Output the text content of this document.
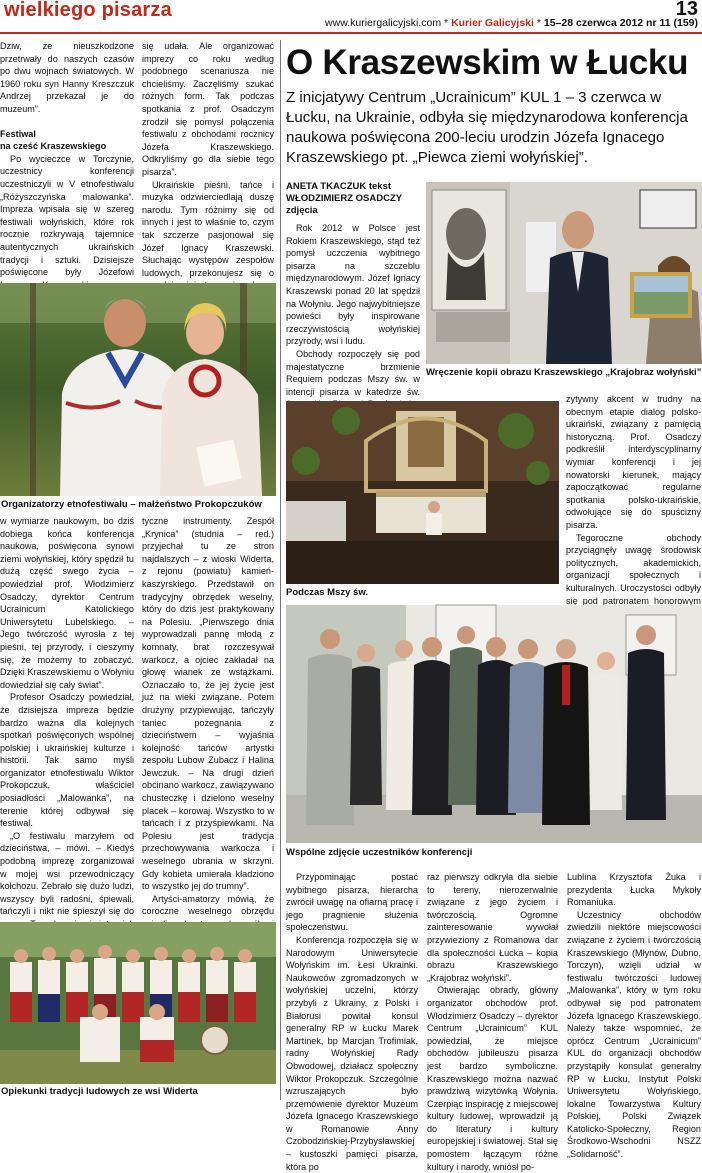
wielkiego pisarza	13
www.kuriergalicyjski.com * Kurier Galicyjski * 15–28 czerwca 2012 nr 11 (159)

Dziw, że nieuszkodzone przetrwały do naszych czasów po dwu wojnach światowych. W 1960 roku syn Hanny Kreszczuk Andrzej przekazał je do muzeum”.

Festiwal

na cześć Kraszewskiego

Po wycieczce w Torczynie, uczestnicy konferencji uczestniczyli w V etnofestiwalu „Różyszczyńska malowanka”. Impreza wpisała się w szereg festiwali wołyńskich, które rok rocznie rozkrywają tajemnice autentycznych ukraińskich tradycji i sztuki. Dzisiejsze poświęcone były Józefowi

się udała. Ale organizować imprezy co roku według podobnego scenariusza nie chcieliśmy. Zaczęliśmy szukać różnych form. Tak podczas spotkania z prof. Osadczym zrodził się pomysł połączenia festiwalu z obchodami rocznicy Józefa Kraszewskiego. Odkryliśmy go dla siebie tego pisarza”.

Ukraińskie pieśni, tańce i muzyka odzwierciedlają duszę narodu. Tym różnimy się od innych i jest to właśnie to, czym tak szczerze pasjonował się Józef Ignacy Kraszewski. Słuchając występów zespołów ludowych, przekonujesz się o

Organizatorzy etnofestiwalu – małżeństwo Prokopczuków

w wymiarze naukowym, bo dziś dobiega końca konferencja naukowa, poświęcona synowi ziemi wołyńskiej, który spędził tu dużą część swego życia – powiedział prof. Włodzimierz Osadczy, dyrektor Centrum Ucrainicum Katolickiego Uniwersytetu Lubelskiego. – Jego twórczość wyrosła z tej pieśni, tej przyrody, i cieszymy się, że możemy to zobaczyć. Dzięki Kraszewskiemu o Wołyniu dowiedział się cały świat”.

Profesor Osadczy powiedział, że dzisiejsza impreza będzie bardzo ważna dla kolejnych spotkań poświęconych wspólnej polskiej i ukraińskiej kulturze i historii. Tak samo myśli organizator etnofestiwalu Wiktor Prokopczuk, właściciel posiadłości „Malowanka”, na terenie której odbywał się festiwal.

„O festiwalu marzyłem od dzieciństwa, – mówi. – Kiedyś podobną imprezę zorganizował w mojej wsi przewodniczący kołchozu. Zebrało się dużo ludzi, wszyscy byli radośni, śpiewali, tańczyli i nikt nie śpieszył się do

tyczne instrumenty. Zespół „Krynica” (studnia – red.) przyjechał tu ze stron najdalszych – z wioski Widerta, z rejonu (powiatu) kamień-kaszyrskiego. Przedstawił on tradycyjny obrzędek weselny, który do dziś jest praktykowany na Polesiu. „Pierwszego dnia wyprowadzali pannę młodą z komnaty, brat rozczesywał warkocz, a ojciec zakładał na głowę wianek ze wstążkami. Oznaczało to, że jej życie jest już na wieki związane. Potem drużyny przypiewując, tańczyły taniec pożegnania z dzieciństwem – wyjaśnia kolejność tańców artystki zespołu Lubow Zubacz i Halina Jewczuk. – Na drugi dzień obcinano warkocz, zawiązywano chusteczkę i dzielono weselny placek – korowaj. Wszystko to w tańcach i z przyśpiewkami. Na Polesiu jest tradycja przechowywania warkocza i weselnego ubrania w skrzyni. Gdy kobieta umierała kładziono to wszystko jej do trumny”.

Artyści-amatorzy mówią, że coroczne weselnego obrzędu

Opiekunki tradycji ludowych ze wsi Widerta
O Kraszewskim w Łucku
Z inicjatywy Centrum „Ucrainicum” KUL 1 – 3 czerwca w Łucku, na Ukrainie, odbyła się międzynarodowa konferencja naukowa poświęcona 200-leciu urodzin Józefa Ignacego Kraszewskiego pt. „Piewca ziemi wołyńskiej”.
ANETA TKACZUK tekst
WŁODZIMIERZ OSADCZY
zdjęcia

Rok 2012 w Polsce jest Rokiem Kraszewskiego, stąd też pomysł uczczenia wybitnego pisarza na szczeblu międzynarodowym. Józef Ignacy Kraszewski ponad 20 lat spędził na Wołyniu. Jego najwybitniejsze powieści były inspirowane rzeczywistością wołyńskiej przyrody, wsi i ludu.

Obchody rozpoczęły się pod majestatyczne brzmienie Requiem podczas Mszy św. w intencji pisarza w katedrze św.

Wręczenie kopii obrazu Kraszewskiego „Krajobraz wołyński”
Podczas Mszy św.

zytywny akcent w trudny na obecnym etapie dialog polsko-ukraiński, związany z pamięcią historyczną. Prof. Osadczy podkreślił interdyscyplinarny wymiar konferencji i jej nowatorski kierunek, mający zapoczątkować regularne spotkania polsko-ukraińskie, odwołujące się do spuścizny pisarza.

Tegoroczne obchody przyciągnęły uwagę środowisk politycznych, akademickich, organizacji społecznych i kulturalnych. Uroczystości odbyły się pod patronatem honorowym

Wspólne zdjęcie uczestników konferencji

Przypominając postać wybitnego pisarza, hierarcha zwrócił uwagę na ofiarną pracę i jego pragnienie służenia społeczeństwu.

Konferencja rozpoczęła się w Narodowym Uniwersytecie Wołyńskim im. Łesi Ukrainki. Naukowców zgromadzonych w wołyńskiej uczelni, którzy przybyli z Ukrainy, z Polski i Białorusi powitał konsul generalny RP w Łucku Marek Martinek, bp Marcjan Trofimiak, radny Wołyńskiej Rady Obwodowej, działacz społeczny Wiktor Prokopczuk. Szczególnie wzruszających było przemówienie dyrektor Muzeum Józefa Ignacego Kraszewskiego w Romanowie Anny Czobodzińskiej-Przybysławskiej – kustoszki pamięci pisarza, która po

raz pierwszy odkryła dla siebie to tereny, nierozerwalnie związane z jego życiem i twórczością. Ogromne zainteresowanie wywołał przywieziony z Romanowa dar dla społeczności Łucka – kopia obrazu Kraszewskiego „Krajobraz wołyński”.

Otwierając obrady, główny organizator obchodów prof. Włodzimierz Osadczy – dyrektor Centrum „Ucrainicum” KUL powiedział, że miejsce obchodów jubileuszu pisarza jest bardzo symboliczne. Kraszewskiego można nazwać prawdziwą wizytówką Wołynia. Czerpiąc inspirację z miejscowej kultury ludowej, wprowadził ją do literatury i kultury europejskiej i światowej. Stał się pomostem łączącym różne kultury i narody, wniósł po-

Lublina Krzysztofa Żuka i prezydenta Łucka Mykoły Romaniuka.

Uczestnicy obchodów zwiedzili niektóre miejscowości związane z życiem i twórczością Kraszewskiego (Młynów, Dubno, Torczyn), wzięli udział w festiwalu twórczości ludowej „Malowanka”, który w tym roku odbywał się pod patronatem Józefa Ignacego Kraszewskiego. Należy także wspomnieć, że oprócz Centrum „Ucrainicum” KUL do organizacji obchodów przystąpiły konsulat generalny RP w Łucku, Instytut Polski Uniwersytetu Wołyńskiego, lokalne Towarzystwa Kultury Polskiej, Polski Związek Katolicko-Społeczny, Region Środkowo-Wschodni NSZZ „Solidarność”.
